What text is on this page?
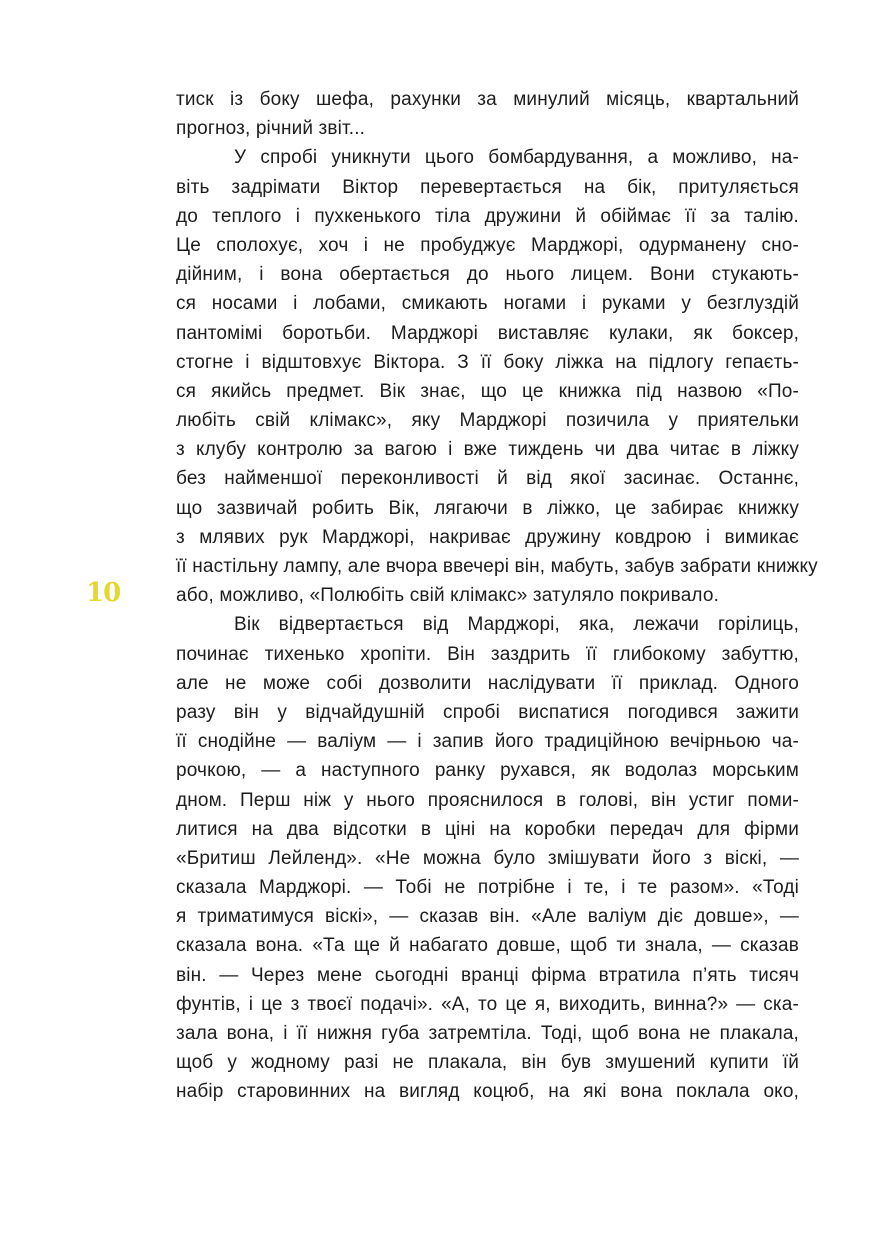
10
тиск із боку шефа, рахунки за минулий місяць, квартальний
прогноз, річний звіт...
У спробі уникнути цього бомбардування, а можливо, на-
віть задрімати Віктор перевертається на бік, притуляється
до теплого і пухкенького тіла дружини й обіймає її за талію.
Це сполохує, хоч і не пробуджує Марджорі, одурманену сно-
дійним, і вона обертається до нього лицем. Вони стукають-
ся носами і лобами, смикають ногами і руками у безглуздій
пантомімі боротьби. Марджорі виставляє кулаки, як боксер,
стогне і відштовхує Віктора. З її боку ліжка на підлогу гепаєть-
ся якийсь предмет. Вік знає, що це книжка під назвою «По-
любіть свій клімакс», яку Марджорі позичила у приятельки
з клубу контролю за вагою і вже тиждень чи два читає в ліжку
без найменшої переконливості й від якої засинає. Останнє,
що зазвичай робить Вік, лягаючи в ліжко, це забирає книжку
з млявих рук Марджорі, накриває дружину ковдрою і вимикає
її настільну лампу, але вчора ввечері він, мабуть, забув забрати книжку
або, можливо, «Полюбіть свій клімакс» затуляло покривало.
Вік відвертається від Марджорі, яка, лежачи горілиць,
починає тихенько хропіти. Він заздрить її глибокому забуттю,
але не може собі дозволити наслідувати її приклад. Одного
разу він у відчайдушній спробі виспатися погодився зажити
її снодійне — валіум — і запив його традиційною вечірньою ча-
рочкою, — а наступного ранку рухався, як водолаз морським
дном. Перш ніж у нього прояснилося в голові, він устиг поми-
литися на два відсотки в ціні на коробки передач для фірми
«Бритиш Лейленд». «Не можна було змішувати його з віскі, —
сказала Марджорі. — Тобі не потрібне і те, і те разом». «Тоді
я триматимуся віскі», — сказав він. «Але валіум діє довше», —
сказала вона. «Та ще й набагато довше, щоб ти знала, — сказав
він. — Через мене сьогодні вранці фірма втратила п’ять тисяч
фунтів, і це з твоєї подачі». «А, то це я, виходить, винна?» — ска-
зала вона, і її нижня губа затремтіла. Тоді, щоб вона не плакала,
щоб у жодному разі не плакала, він був змушений купити їй
набір старовинних на вигляд коцюб, на які вона поклала око,
